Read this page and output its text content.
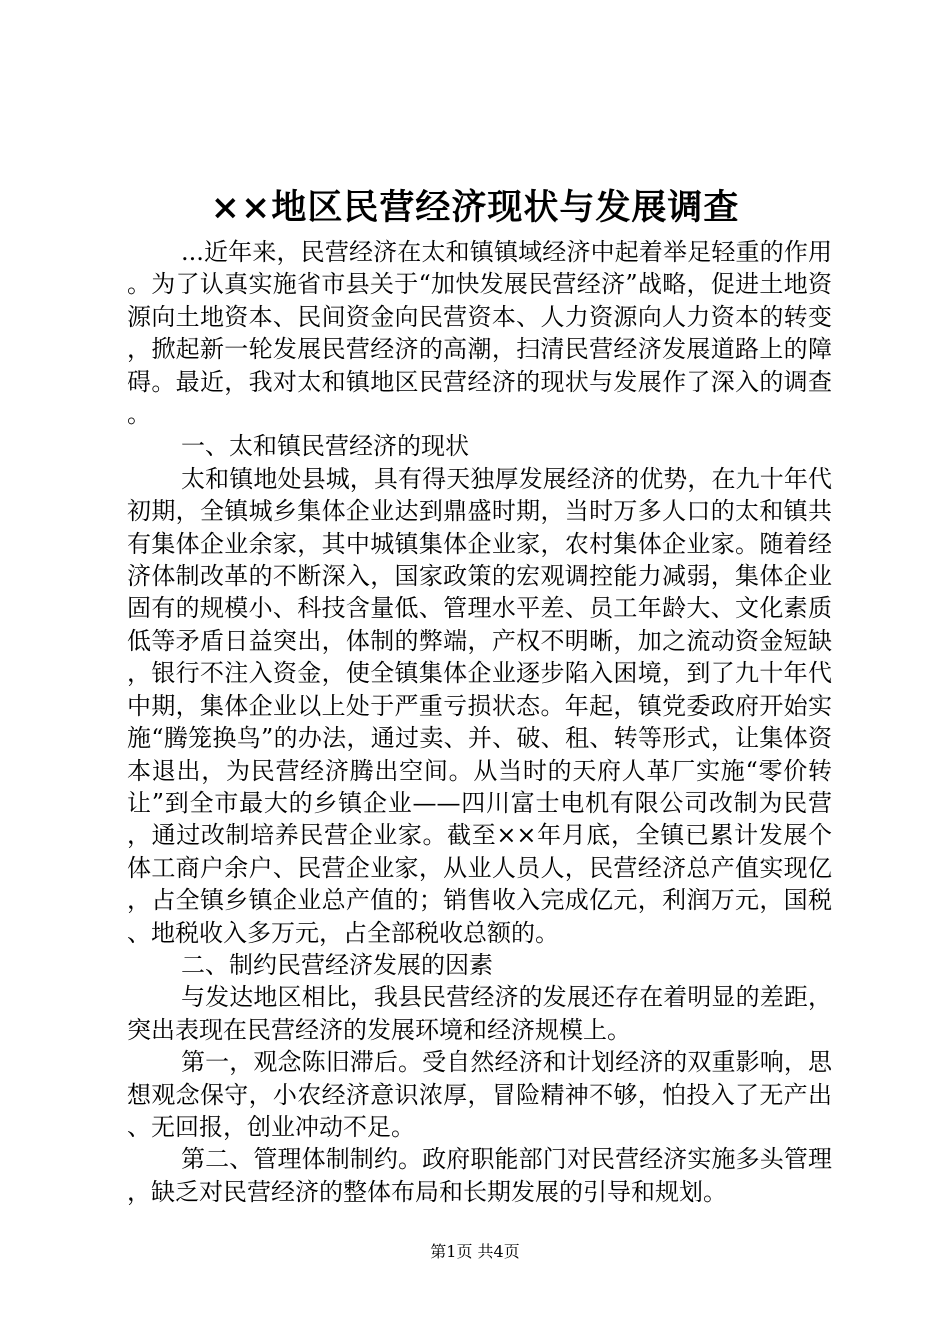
××地区民营经济现状与发展调查

...近年来，民营经济在太和镇镇域经济中起着举足轻重的作用。为了认真实施省市县关于“加快发展民营经济”战略，促进土地资源向土地资本、民间资金向民营资本、人力资源向人力资本的转变，掀起新一轮发展民营经济的高潮，扫清民营经济发展道路上的障碍。最近，我对太和镇地区民营经济的现状与发展作了深入的调查。

一、太和镇民营经济的现状

太和镇地处县城，具有得天独厚发展经济的优势，在九十年代初期，全镇城乡集体企业达到鼎盛时期，当时万多人口的太和镇共有集体企业余家，其中城镇集体企业家，农村集体企业家。随着经济体制改革的不断深入，国家政策的宏观调控能力减弱，集体企业固有的规模小、科技含量低、管理水平差、员工年龄大、文化素质低等矛盾日益突出，体制的弊端，产权不明晰，加之流动资金短缺，银行不注入资金，使全镇集体企业逐步陷入困境，到了九十年代中期，集体企业以上处于严重亏损状态。年起，镇党委政府开始实施“腾笼换鸟”的办法，通过卖、并、破、租、转等形式，让集体资本退出，为民营经济腾出空间。从当时的天府人革厂实施“零价转让”到全市最大的乡镇企业——四川富士电机有限公司改制为民营，通过改制培养民营企业家。截至××年月底，全镇已累计发展个体工商户余户、民营企业家，从业人员人，民营经济总产值实现亿，占全镇乡镇企业总产值的；销售收入完成亿元，利润万元，国税、地税收入多万元，占全部税收总额的。

二、制约民营经济发展的因素

与发达地区相比，我县民营经济的发展还存在着明显的差距，突出表现在民营经济的发展环境和经济规模上。

第一，观念陈旧滞后。受自然经济和计划经济的双重影响，思想观念保守，小农经济意识浓厚，冒险精神不够，怕投入了无产出、无回报，创业冲动不足。

第二、管理体制制约。政府职能部门对民营经济实施多头管理，缺乏对民营经济的整体布局和长期发展的引导和规划。

第1页 共4页
